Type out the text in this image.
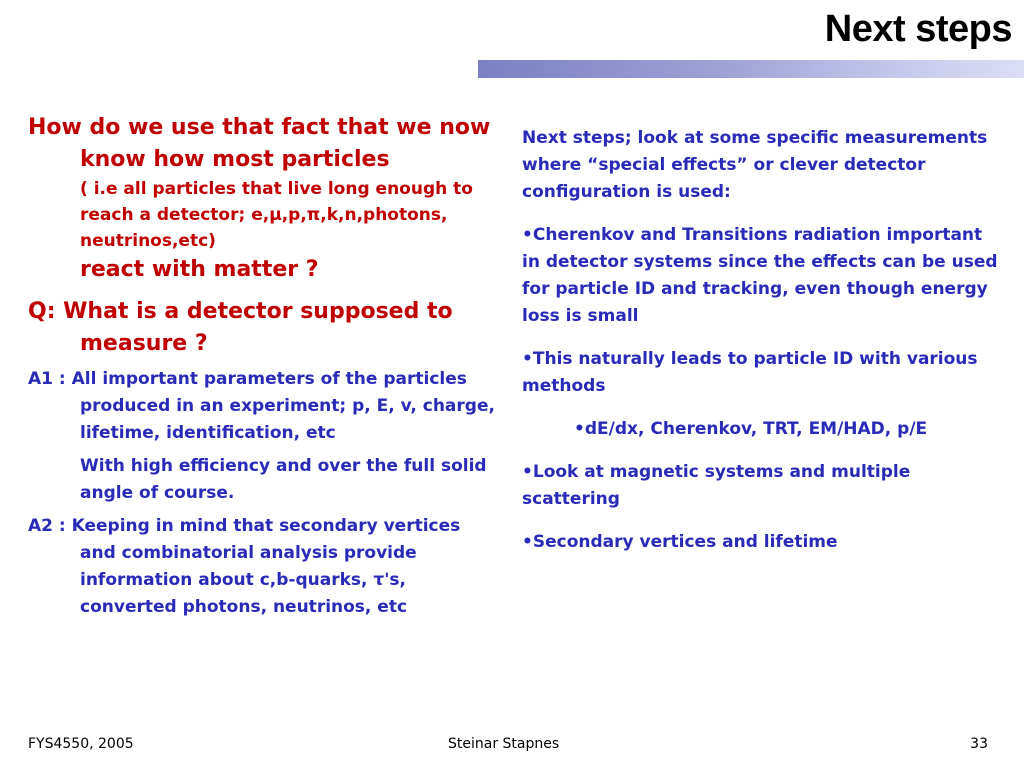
Next steps

How do we use that fact that we now know how most particles

( i.e all particles that live long enough to reach a detector; e,μ,p,π,k,n,photons, neutrinos,etc)

react with matter ?

Q: What is a detector supposed to measure ?

A1 : All important parameters of the particles produced in an experiment; p, E, v, charge, lifetime, identification, etc

With high efficiency and over the full solid angle of course.

A2 : Keeping in mind that secondary vertices and combinatorial analysis provide information about c,b-quarks, τ's, converted photons, neutrinos, etc

Next steps; look at some specific measurements where “special effects” or clever detector configuration is used:

•Cherenkov and Transitions radiation important in detector systems since the effects can be used for particle ID and tracking, even though energy loss is small

•This naturally leads to particle ID with various methods

•dE/dx, Cherenkov, TRT, EM/HAD, p/E

•Look at magnetic systems and multiple scattering

•Secondary vertices and lifetime

FYS4550, 2005	Steinar Stapnes	33
